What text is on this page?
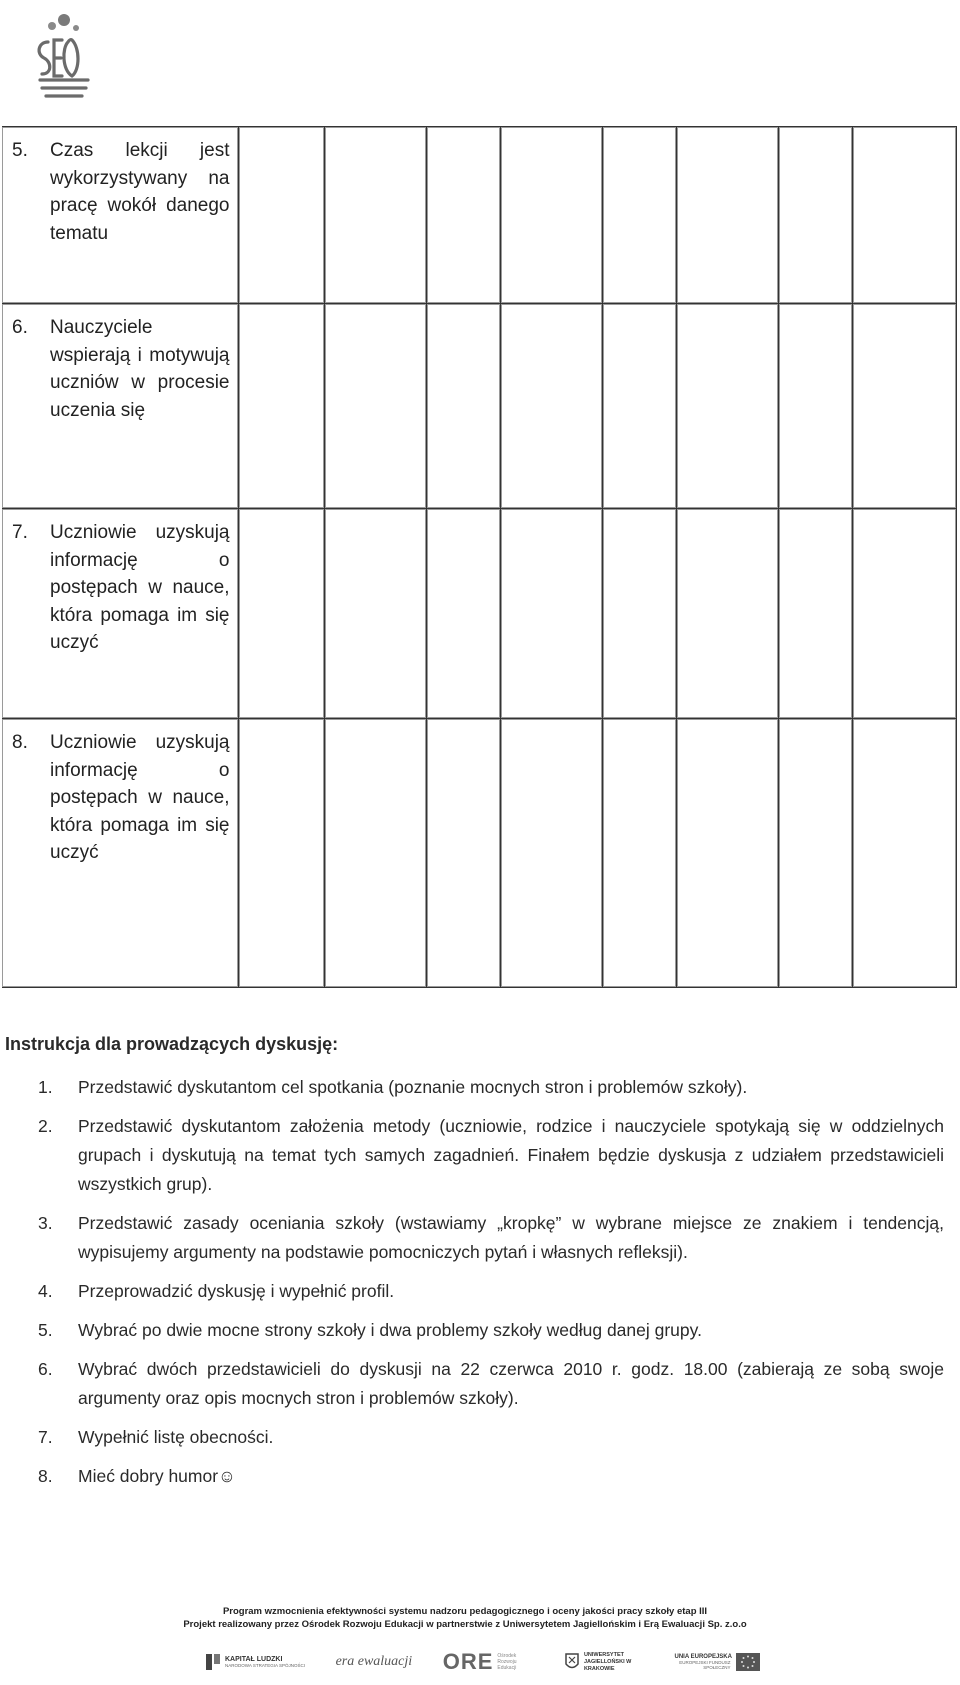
5. Czas lekcji jest wykorzystywany na pracę wokół danego tematu								

6. Nauczyciele wspierają i motywują uczniów w procesie uczenia się								

7. Uczniowie uzyskują informację o postępach w nauce, która pomaga im się uczyć								

8. Uczniowie uzyskują informację o postępach w nauce, która pomaga im się uczyć								

Instrukcja dla prowadzących dyskusję:
1.	Przedstawić dyskutantom cel spotkania (poznanie mocnych stron i problemów szkoły).
2.	Przedstawić dyskutantom założenia metody (uczniowie, rodzice i nauczyciele spotykają się w oddzielnych grupach i dyskutują na temat tych samych zagadnień. Finałem będzie dyskusja z udziałem przedstawicieli wszystkich grup).
3.	Przedstawić zasady oceniania szkoły (wstawiamy „kropkę” w wybrane miejsce ze znakiem i tendencją, wypisujemy argumenty na podstawie pomocniczych pytań i własnych refleksji).
4.	Przeprowadzić dyskusję i wypełnić profil.
5.	Wybrać po dwie mocne strony szkoły i dwa problemy szkoły według danej grupy.
6.	Wybrać dwóch przedstawicieli do dyskusji na 22 czerwca 2010 r. godz. 18.00 (zabierają ze sobą swoje argumenty oraz opis mocnych stron i problemów szkoły).
7.	Wypełnić listę obecności.
8.	Mieć dobry humor☺
Program wzmocnienia efektywności systemu nadzoru pedagogicznego i oceny jakości pracy szkoły etap III
Projekt realizowany przez Ośrodek Rozwoju Edukacji w partnerstwie z Uniwersytetem Jagiellońskim i Erą Ewaluacji Sp. z.o.o
KAPITAŁ LUDZKI
NARODOWA STRATEGIA SPÓJNOŚCI era ewaluacji ORE Ośrodek Rozwoju Edukacji
UNIWERSYTET JAGIELLOŃSKI W KRAKOWIE
UNIA EUROPEJSKA
EUROPEJSKI FUNDUSZ SPOŁECZNY
